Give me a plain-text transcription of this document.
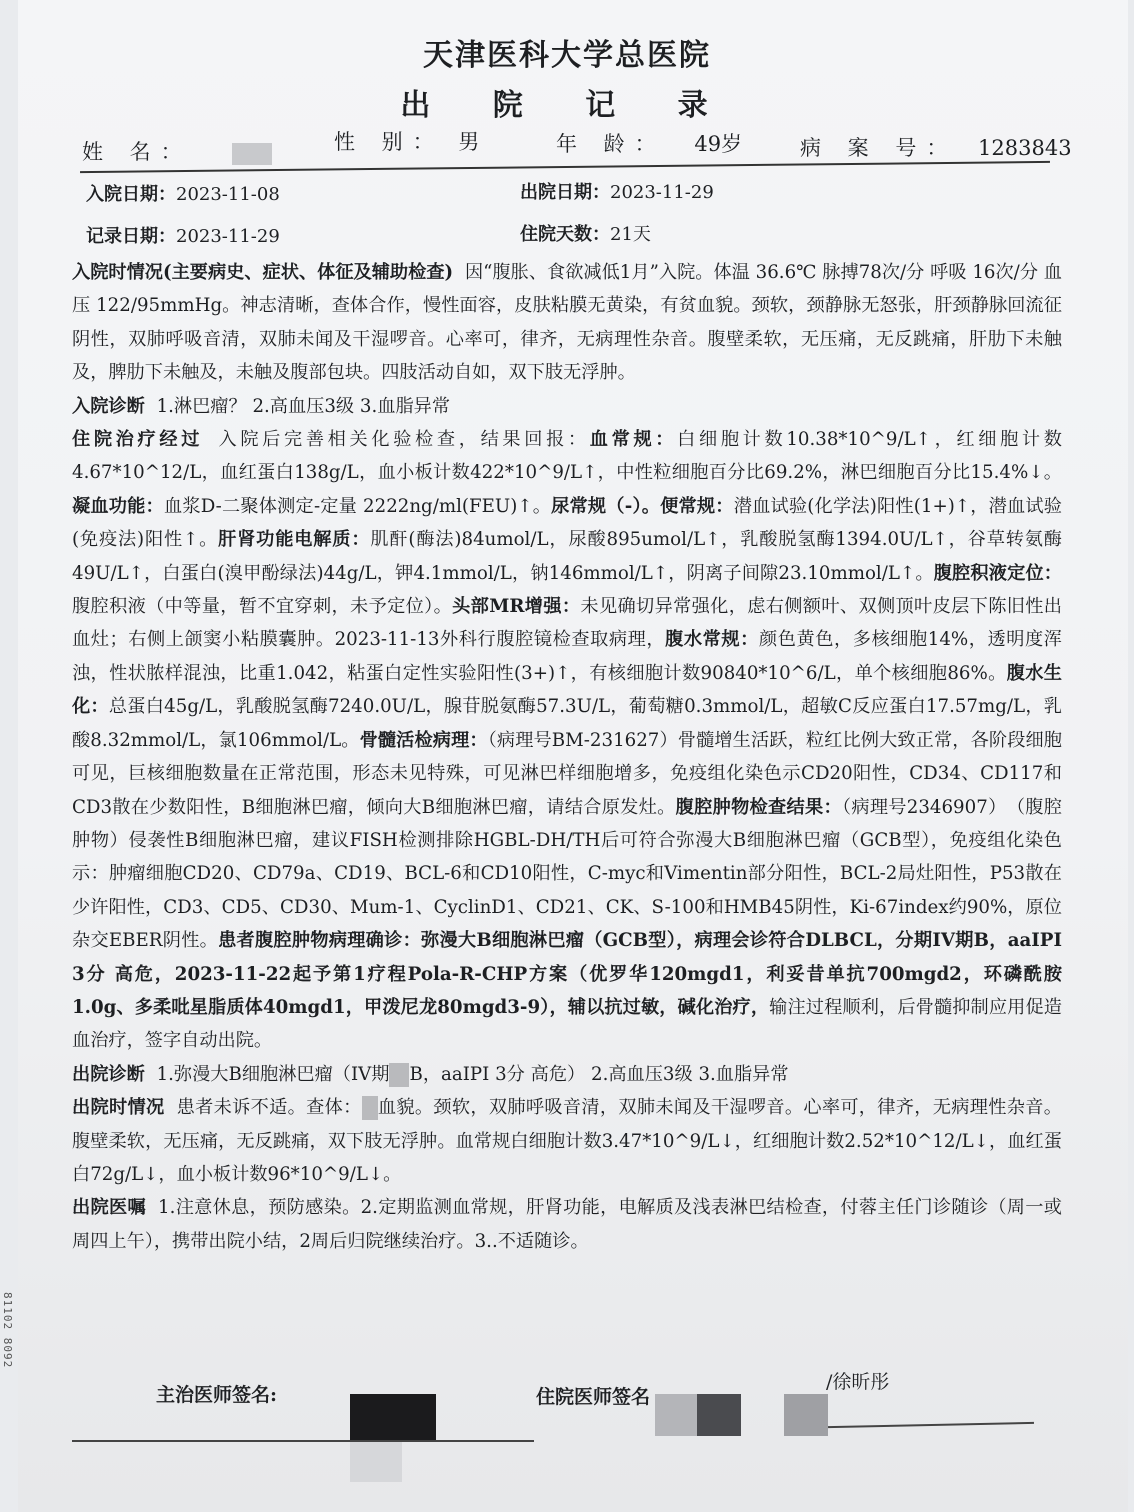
81102 8092
天津医科大学总医院
出 院 记 录
姓 名：	性 别： 男	年 龄： 49岁	病 案 号： 1283843
入院日期：2023-11-08	出院日期：2023-11-29
记录日期：2023-11-29	住院天数：21天

入院时情况(主要病史、症状、体征及辅助检查) 因“腹胀、食欲减低1月”入院。体温 36.6℃ 脉搏78次/分 呼吸 16次/分 血压 122/95mmHg。神志清晰，查体合作，慢性面容，皮肤粘膜无黄染，有贫血貌。颈软，颈静脉无怒张，肝颈静脉回流征阴性，双肺呼吸音清，双肺未闻及干湿啰音。心率可，律齐，无病理性杂音。腹壁柔软，无压痛，无反跳痛，肝肋下未触及，脾肋下未触及，未触及腹部包块。四肢活动自如，双下肢无浮肿。

入院诊断 1.淋巴瘤？ 2.高血压3级 3.血脂异常

住院治疗经过 入院后完善相关化验检查，结果回报：血常规：白细胞计数10.38*10^9/L↑，红细胞计数4.67*10^12/L，血红蛋白138g/L，血小板计数422*10^9/L↑，中性粒细胞百分比69.2%，淋巴细胞百分比15.4%↓。凝血功能：血浆D-二聚体测定-定量 2222ng/ml(FEU)↑。尿常规（-）。便常规：潜血试验(化学法)阳性(1+)↑，潜血试验(免疫法)阳性↑。肝肾功能电解质：肌酐(酶法)84umol/L，尿酸895umol/L↑，乳酸脱氢酶1394.0U/L↑，谷草转氨酶49U/L↑，白蛋白(溴甲酚绿法)44g/L，钾4.1mmol/L，钠146mmol/L↑，阴离子间隙23.10mmol/L↑。腹腔积液定位：腹腔积液（中等量，暂不宜穿刺，未予定位）。头部MR增强：未见确切异常强化，虑右侧额叶、双侧顶叶皮层下陈旧性出血灶；右侧上颌窦小粘膜囊肿。2023-11-13外科行腹腔镜检查取病理，腹水常规：颜色黄色，多核细胞14%，透明度浑浊，性状脓样混浊，比重1.042，粘蛋白定性实验阳性(3+)↑，有核细胞计数90840*10^6/L，单个核细胞86%。腹水生化：总蛋白45g/L，乳酸脱氢酶7240.0U/L，腺苷脱氨酶57.3U/L，葡萄糖0.3mmol/L，超敏C反应蛋白17.57mg/L，乳酸8.32mmol/L，氯106mmol/L。骨髓活检病理：（病理号BM-231627）骨髓增生活跃，粒红比例大致正常，各阶段细胞可见，巨核细胞数量在正常范围，形态未见特殊，可见淋巴样细胞增多，免疫组化染色示CD20阳性，CD34、CD117和CD3散在少数阳性，B细胞淋巴瘤，倾向大B细胞淋巴瘤，请结合原发灶。腹腔肿物检查结果：（病理号2346907）　（腹腔肿物）侵袭性B细胞淋巴瘤，建议FISH检测排除HGBL-DH/TH后可符合弥漫大B细胞淋巴瘤（GCB型），免疫组化染色示：肿瘤细胞CD20、CD79a、CD19、BCL-6和CD10阳性，C-myc和Vimentin部分阳性，BCL-2局灶阳性，P53散在少许阳性，CD3、CD5、CD30、Mum-1、CyclinD1、CD21、CK、S-100和HMB45阴性，Ki-67index约90%，原位杂交EBER阴性。患者腹腔肿物病理确诊：弥漫大B细胞淋巴瘤（GCB型），病理会诊符合DLBCL，分期IV期B，aaIPI 3分 高危，2023-11-22起予第1疗程Pola-R-CHP方案（优罗华120mgd1，利妥昔单抗700mgd2，环磷酰胺1.0g、多柔吡星脂质体40mgd1，甲泼尼龙80mgd3-9），辅以抗过敏，碱化治疗，输注过程顺利，后骨髓抑制应用促造血治疗，签字自动出院。

出院诊断 1.弥漫大B细胞淋巴瘤（IV期 B，aaIPI 3分 高危） 2.高血压3级 3.血脂异常

出院时情况 患者未诉不适。查体： 血貌。颈软，双肺呼吸音清，双肺未闻及干湿啰音。心率可，律齐，无病理性杂音。腹壁柔软，无压痛，无反跳痛，双下肢无浮肿。血常规白细胞计数3.47*10^9/L↓，红细胞计数2.52*10^12/L↓，血红蛋白72g/L↓，血小板计数96*10^9/L↓。

出院医嘱 1.注意休息，预防感染。2.定期监测血常规，肝肾功能，电解质及浅表淋巴结检查，付蓉主任门诊随诊（周一或周四上午），携带出院小结，2周后归院继续治疗。3..不适随诊。

主治医师签名:	住院医师签名
/徐昕彤
